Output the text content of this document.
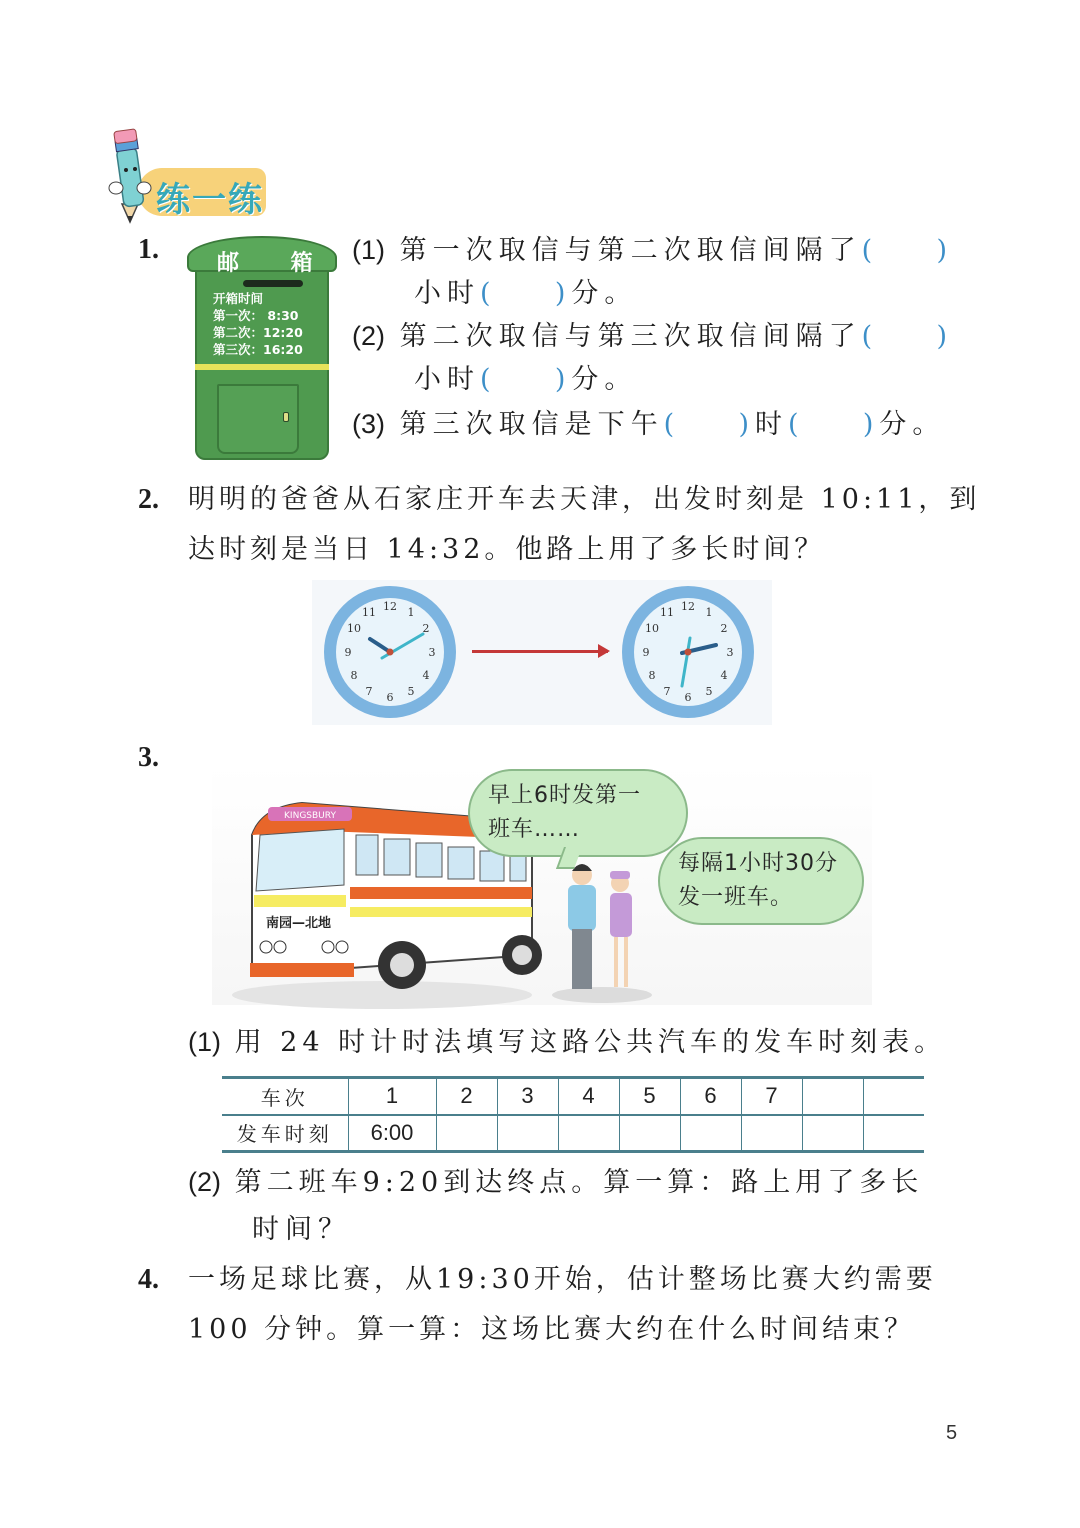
练一练
1.	邮 箱
开箱时间
第一次： 8:30
第二次：12:20
第三次：16:20
(1) 第一次取信与第二次取信间隔了(    )
小时(    )分。
(2) 第二次取信与第三次取信间隔了(    )
小时(    )分。
(3) 第三次取信是下午(    )时(    )分。
2. 明明的爸爸从石家庄开车去天津，出发时刻是 10:11，到
达时刻是当日 14:32。他路上用了多长时间？
12 1
2
3
4
5
6
7
8
9
10
11	12 1
2
3
4
5
6
7
8
9
10
11
3.
KINGSBURY
南园—北地
早上6时发第一
班车……
每隔1小时30分
发一班车。
(1) 用 24 时计时法填写这路公共汽车的发车时刻表。
车次	1	2	3	4	5	6	7		
发车时刻	6:00								
(2) 第二班车9:20到达终点。算一算：路上用了多长
时间？
4. 一场足球比赛，从19:30开始，估计整场比赛大约需要
100 分钟。算一算：这场比赛大约在什么时间结束？
5
